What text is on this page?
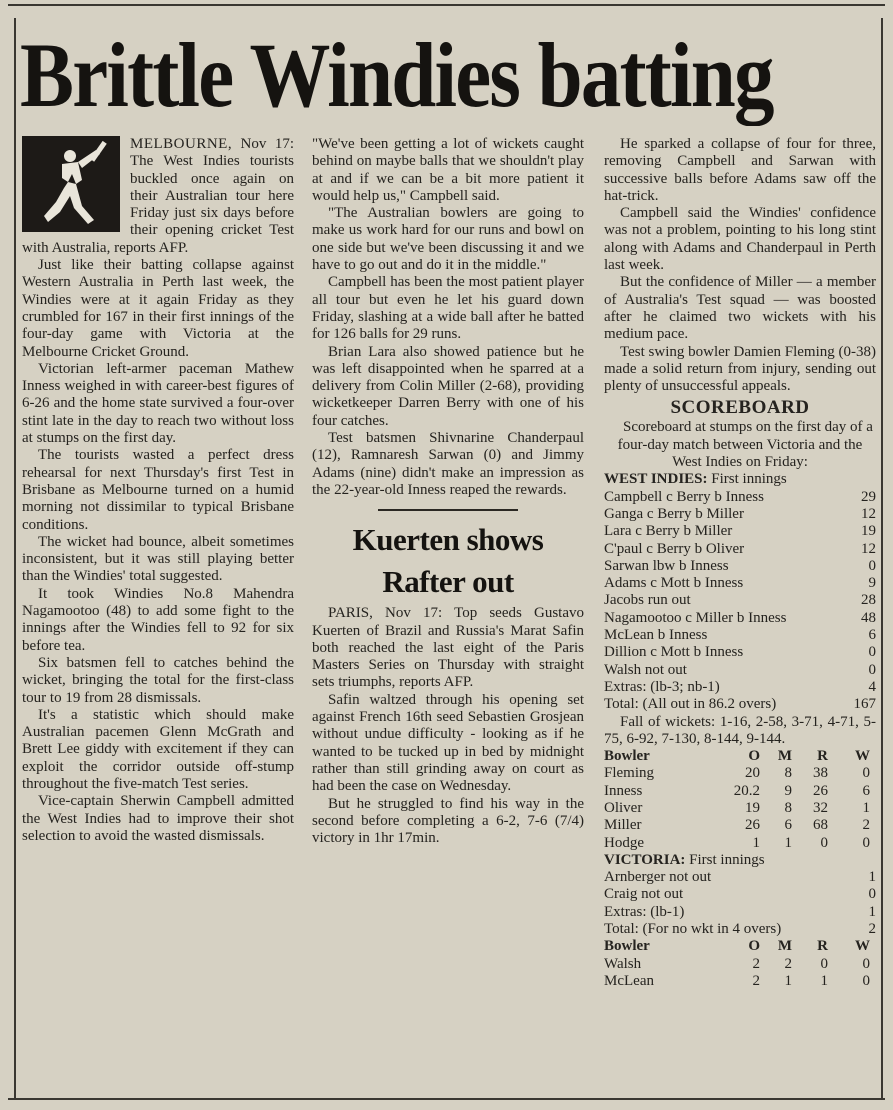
Brittle Windies batting

MELBOURNE, Nov 17: The West Indies tourists buckled once again on their Australian tour here Friday just six days before their opening cricket Test with Australia, reports AFP.

Just like their batting collapse against Western Australia in Perth last week, the Windies were at it again Friday as they crumbled for 167 in their first innings of the four-day game with Victoria at the Melbourne Cricket Ground.

Victorian left-armer paceman Mathew Inness weighed in with career-best figures of 6-26 and the home state survived a four-over stint late in the day to reach two without loss at stumps on the first day.

The tourists wasted a perfect dress rehearsal for next Thursday's first Test in Brisbane as Melbourne turned on a humid morning not dissimilar to typical Brisbane conditions.

The wicket had bounce, albeit sometimes inconsistent, but it was still playing better than the Windies' total suggested.

It took Windies No.8 Mahendra Nagamootoo (48) to add some fight to the innings after the Windies fell to 92 for six before tea.

Six batsmen fell to catches behind the wicket, bringing the total for the first-class tour to 19 from 28 dismissals.

It's a statistic which should make Australian pacemen Glenn McGrath and Brett Lee giddy with excitement if they can exploit the corridor outside off-stump throughout the five-match Test series.

Vice-captain Sherwin Campbell admitted the West Indies had to improve their shot selection to avoid the wasted dismissals.

"We've been getting a lot of wickets caught behind on maybe balls that we shouldn't play at and if we can be a bit more patient it would help us," Campbell said.

"The Australian bowlers are going to make us work hard for our runs and bowl on one side but we've been discussing it and we have to go out and do it in the middle."

Campbell has been the most patient player all tour but even he let his guard down Friday, slashing at a wide ball after he batted for 126 balls for 29 runs.

Brian Lara also showed patience but he was left disappointed when he sparred at a delivery from Colin Miller (2-68), providing wicketkeeper Darren Berry with one of his four catches.

Test batsmen Shivnarine Chanderpaul (12), Ramnaresh Sarwan (0) and Jimmy Adams (nine) didn't make an impression as the 22-year-old Inness reaped the rewards.

Kuerten shows Rafter out

PARIS, Nov 17: Top seeds Gustavo Kuerten of Brazil and Russia's Marat Safin both reached the last eight of the Paris Masters Series on Thursday with straight sets triumphs, reports AFP.

Safin waltzed through his opening set against French 16th seed Sebastien Grosjean without undue difficulty - looking as if he wanted to be tucked up in bed by midnight rather than still grinding away on court as had been the case on Wednesday.

But he struggled to find his way in the second before completing a 6-2, 7-6 (7/4) victory in 1hr 17min.

He sparked a collapse of four for three, removing Campbell and Sarwan with successive balls before Adams saw off the hat-trick.

Campbell said the Windies' confidence was not a problem, pointing to his long stint along with Adams and Chanderpaul in Perth last week.

But the confidence of Miller — a member of Australia's Test squad — was boosted after he claimed two wickets with his medium pace.

Test swing bowler Damien Fleming (0-38) made a solid return from injury, sending out plenty of unsuccessful appeals.

SCOREBOARD

Scoreboard at stumps on the first day of a four-day match between Victoria and the West Indies on Friday:

WEST INDIES: First innings
Campbell c Berry b Inness	29
Ganga c Berry b Miller	12
Lara c Berry b Miller	19
C'paul c Berry b Oliver	12
Sarwan lbw b Inness	0
Adams c Mott b Inness	9
Jacobs run out	28
Nagamootoo c Miller b Inness	48
McLean b Inness	6
Dillion c Mott b Inness	0
Walsh not out	0
Extras: (lb-3; nb-1)	4
Total: (All out in 86.2 overs)	167

Fall of wickets: 1-16, 2-58, 3-71, 4-71, 5-75, 6-92, 7-130, 8-144, 9-144.

Bowler	O	M	R	W
Fleming	20	8	38	0
Inness	20.2	9	26	6
Oliver	19	8	32	1
Miller	26	6	68	2
Hodge	1	1	0	0
VICTORIA: First innings
Arnberger not out	1
Craig not out	0
Extras: (lb-1)	1
Total: (For no wkt in 4 overs)	2
Bowler	O	M	R	W
Walsh	2	2	0	0
McLean	2	1	1	0
